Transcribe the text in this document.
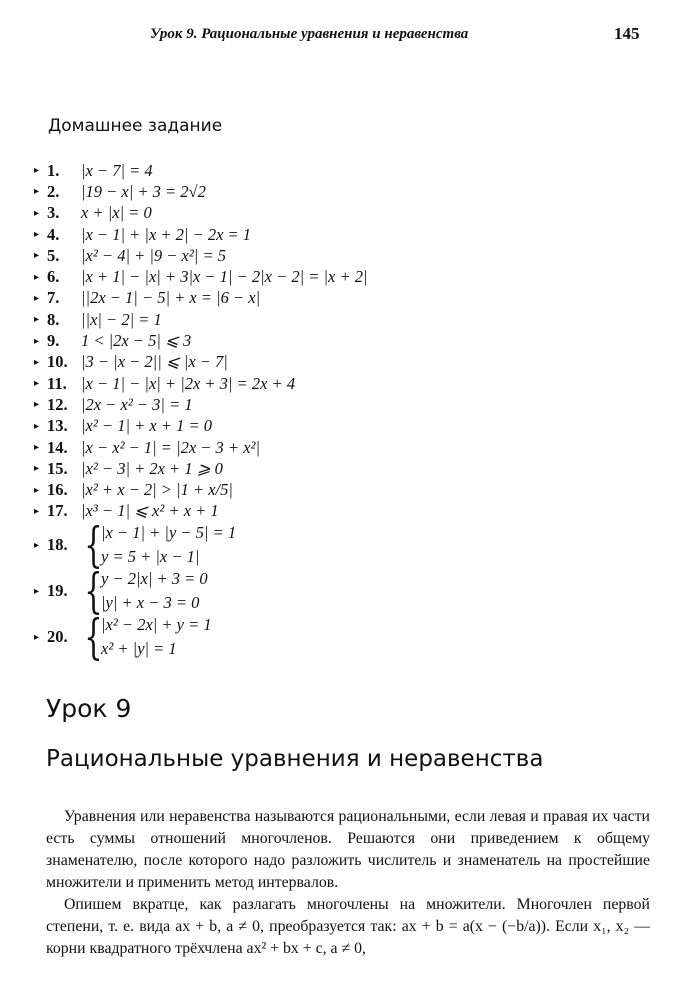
Урок 9. Рациональные уравнения и неравенства	145
Домашнее задание
▸ 1.	|x − 7| = 4
▸ 2.	|19 − x| + 3 = 2√2
▸ 3.	x + |x| = 0
▸ 4.	|x − 1| + |x + 2| − 2x = 1
▸ 5.	|x² − 4| + |9 − x²| = 5
▸ 6.	|x + 1| − |x| + 3|x − 1| − 2|x − 2| = |x + 2|
▸ 7.	||2x − 1| − 5| + x = |6 − x|
▸ 8.	||x| − 2| = 1
▸ 9.	1 < |2x − 5| ⩽ 3
▸ 10. |3 − |x − 2|| ⩽ |x − 7|
▸ 11. |x − 1| − |x| + |2x + 3| = 2x + 4
▸ 12. |2x − x² − 3| = 1
▸ 13. |x² − 1| + x + 1 = 0
▸ 14. |x − x² − 1| = |2x − 3 + x²|
▸ 15. |x² − 3| + 2x + 1 ⩾ 0
▸ 16. |x² + x − 2| > |1 + x/5|
▸ 17. |x³ − 1| ⩽ x² + x + 1
▸ 18. {
|x − 1| + |y − 5| = 1
y = 5 + |x − 1|
▸ 19. {
y − 2|x| + 3 = 0
|y| + x − 3 = 0
▸ 20. {
|x² − 2x| + y = 1
x² + |y| = 1
Урок 9
Рациональные уравнения и неравенства
Уравнения или неравенства называются рациональными, если левая и правая их части есть суммы отношений многочленов. Решаются они приведением к общему знаменателю, после которого надо разложить числитель и знаменатель на простейшие множители и применить метод интервалов.
Опишем вкратце, как разлагать многочлены на множители. Многочлен первой степени, т. е. вида ax + b, a ≠ 0, преобразуется так: ax + b = a(x − (−b/a)). Если x₁, x₂ — корни квадратного трёхчлена ax² + bx + c, a ≠ 0,
